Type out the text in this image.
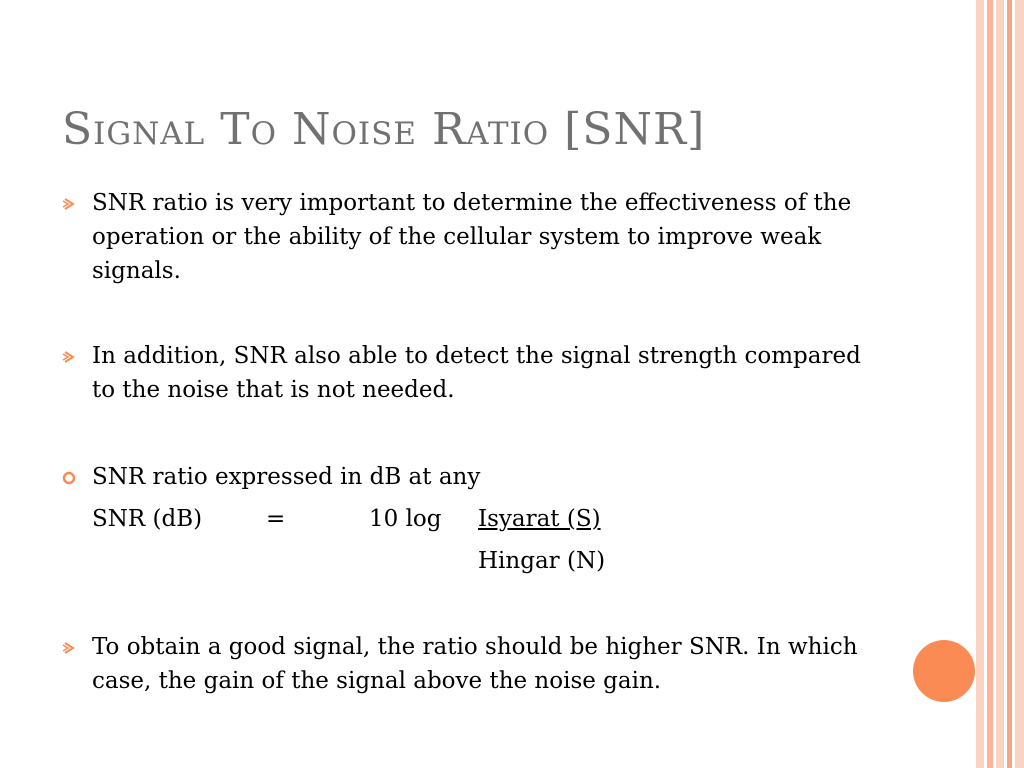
Signal To Noise Ratio [SNR]

SNR ratio is very important to determine the effectiveness of the operation or the ability of the cellular system to improve weak signals.

In addition, SNR also able to detect the signal strength compared to the noise that is not needed.

SNR ratio expressed in dB at any

SNR (dB)	=	10 log Isyarat (S)
Hingar (N)

To obtain a good signal, the ratio should be higher SNR. In which case, the gain of the signal above the noise gain.
